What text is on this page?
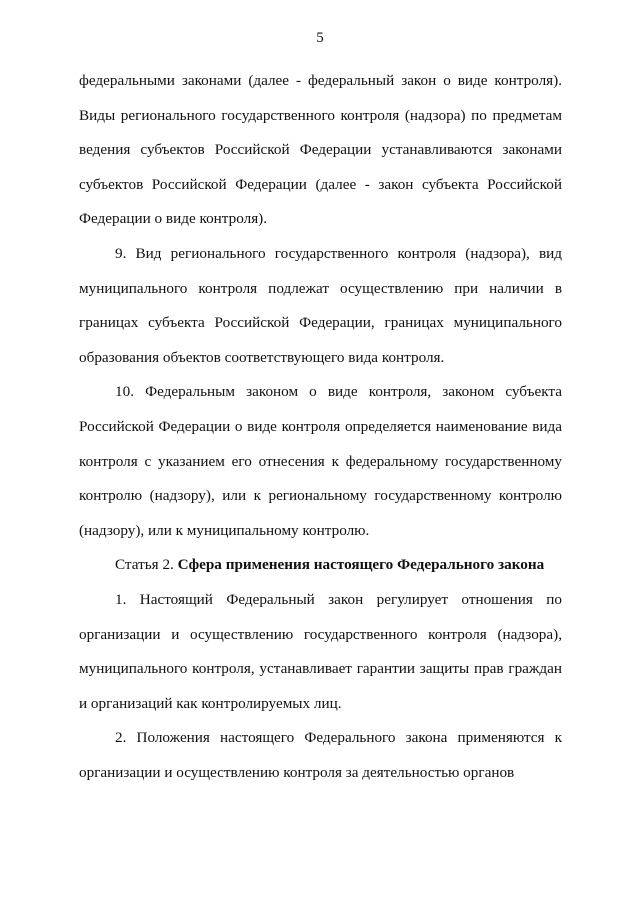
5

федеральными законами (далее - федеральный закон о виде контроля). Виды регионального государственного контроля (надзора) по предметам ведения субъектов Российской Федерации устанавливаются законами субъектов Российской Федерации (далее - закон субъекта Российской Федерации о виде контроля).

9. Вид регионального государственного контроля (надзора), вид муниципального контроля подлежат осуществлению при наличии в границах субъекта Российской Федерации, границах муниципального образования объектов соответствующего вида контроля.

10. Федеральным законом о виде контроля, законом субъекта Российской Федерации о виде контроля определяется наименование вида контроля с указанием его отнесения к федеральному государственному контролю (надзору), или к региональному государственному контролю (надзору), или к муниципальному контролю.

Статья 2. Сфера применения настоящего Федерального закона

1. Настоящий Федеральный закон регулирует отношения по организации и осуществлению государственного контроля (надзора), муниципального контроля, устанавливает гарантии защиты прав граждан и организаций как контролируемых лиц.

2. Положения настоящего Федерального закона применяются к организации и осуществлению контроля за деятельностью органов
